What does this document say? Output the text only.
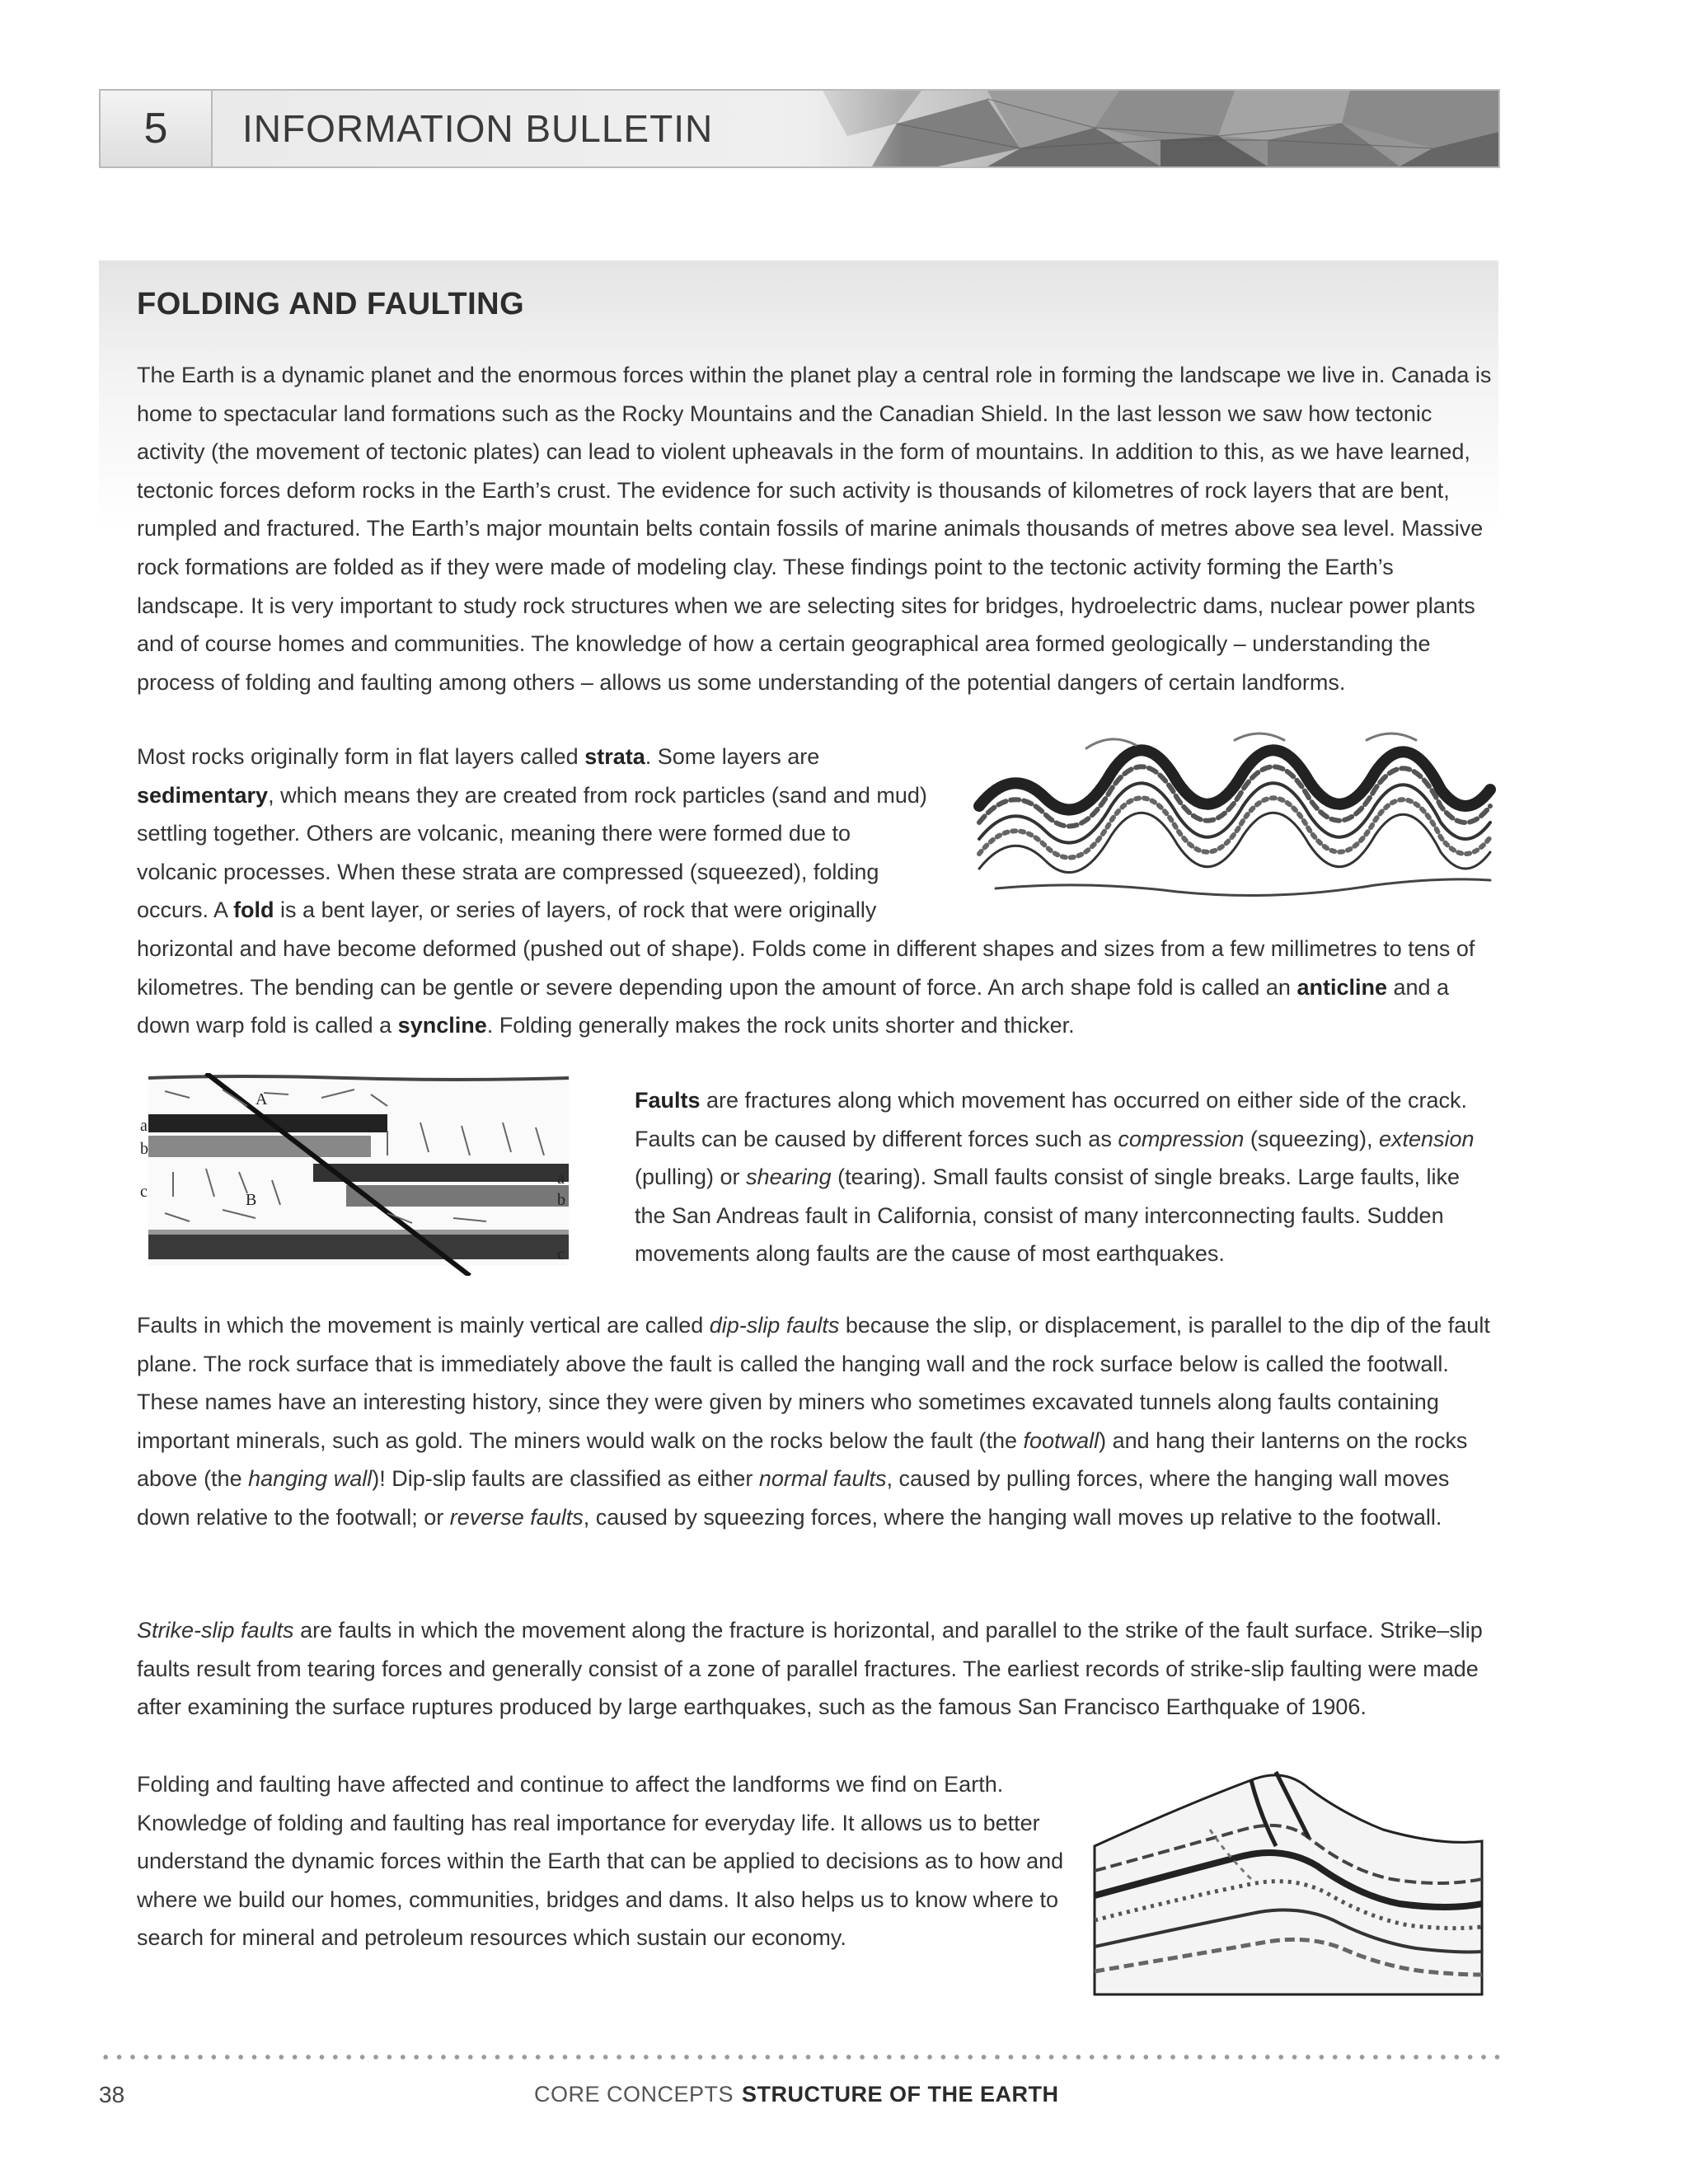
5	INFORMATION BULLETIN
FOLDING AND FAULTING

The Earth is a dynamic planet and the enormous forces within the planet play a central role in forming the landscape we live in. Canada is home to spectacular land formations such as the Rocky Mountains and the Canadian Shield. In the last lesson we saw how tectonic activity (the movement of tectonic plates) can lead to violent upheavals in the form of mountains. In addition to this, as we have learned, tectonic forces deform rocks in the Earth’s crust. The evidence for such activity is thousands of kilometres of rock layers that are bent, rumpled and fractured. The Earth’s major mountain belts contain fossils of marine animals thousands of metres above sea level. Massive rock formations are folded as if they were made of modeling clay. These findings point to the tectonic activity forming the Earth’s landscape. It is very important to study rock structures when we are selecting sites for bridges, hydroelectric dams, nuclear power plants and of course homes and communities. The knowledge of how a certain geographical area formed geologically – understanding the process of folding and faulting among others – allows us some understanding of the potential dangers of certain landforms.

Most rocks originally form in flat layers called strata. Some layers are sedimentary, which means they are created from rock particles (sand and mud) settling together. Others are volcanic, meaning there were formed due to volcanic processes. When these strata are compressed (squeezed), folding occurs. A fold is a bent layer, or series of layers, of rock that were originally horizontal and have become deformed (pushed out of shape). Folds come in different shapes and sizes from a few millimetres to tens of kilometres. The bending can be gentle or severe depending upon the amount of force. An arch shape fold is called an anticline and a down warp fold is called a syncline. Folding generally makes the rock units shorter and thicker.

Faults are fractures along which movement has occurred on either side of the crack. Faults can be caused by different forces such as compression (squeezing), extension (pulling) or shearing (tearing). Small faults consist of single breaks. Large faults, like the San Andreas fault in California, consist of many interconnecting faults. Sudden movements along faults are the cause of most earthquakes.

Faults in which the movement is mainly vertical are called dip-slip faults because the slip, or displacement, is parallel to the dip of the fault plane. The rock surface that is immediately above the fault is called the hanging wall and the rock surface below is called the footwall. These names have an interesting history, since they were given by miners who sometimes excavated tunnels along faults containing important minerals, such as gold. The miners would walk on the rocks below the fault (the footwall) and hang their lanterns on the rocks above (the hanging wall)! Dip-slip faults are classified as either normal faults, caused by pulling forces, where the hanging wall moves down relative to the footwall; or reverse faults, caused by squeezing forces, where the hanging wall moves up relative to the footwall.

Strike-slip faults are faults in which the movement along the fracture is horizontal, and parallel to the strike of the fault surface. Strike–slip faults result from tearing forces and generally consist of a zone of parallel fractures. The earliest records of strike-slip faulting were made after examining the surface ruptures produced by large earthquakes, such as the famous San Francisco Earthquake of 1906.

Folding and faulting have affected and continue to affect the landforms we find on Earth. Knowledge of folding and faulting has real importance for everyday life. It allows us to better understand the dynamic forces within the Earth that can be applied to decisions as to how and where we build our homes, communities, bridges and dams. It also helps us to know where to search for mineral and petroleum resources which sustain our economy.

A
B
a
b
c
a
b
c
38	CORE CONCEPTS STRUCTURE OF THE EARTH
